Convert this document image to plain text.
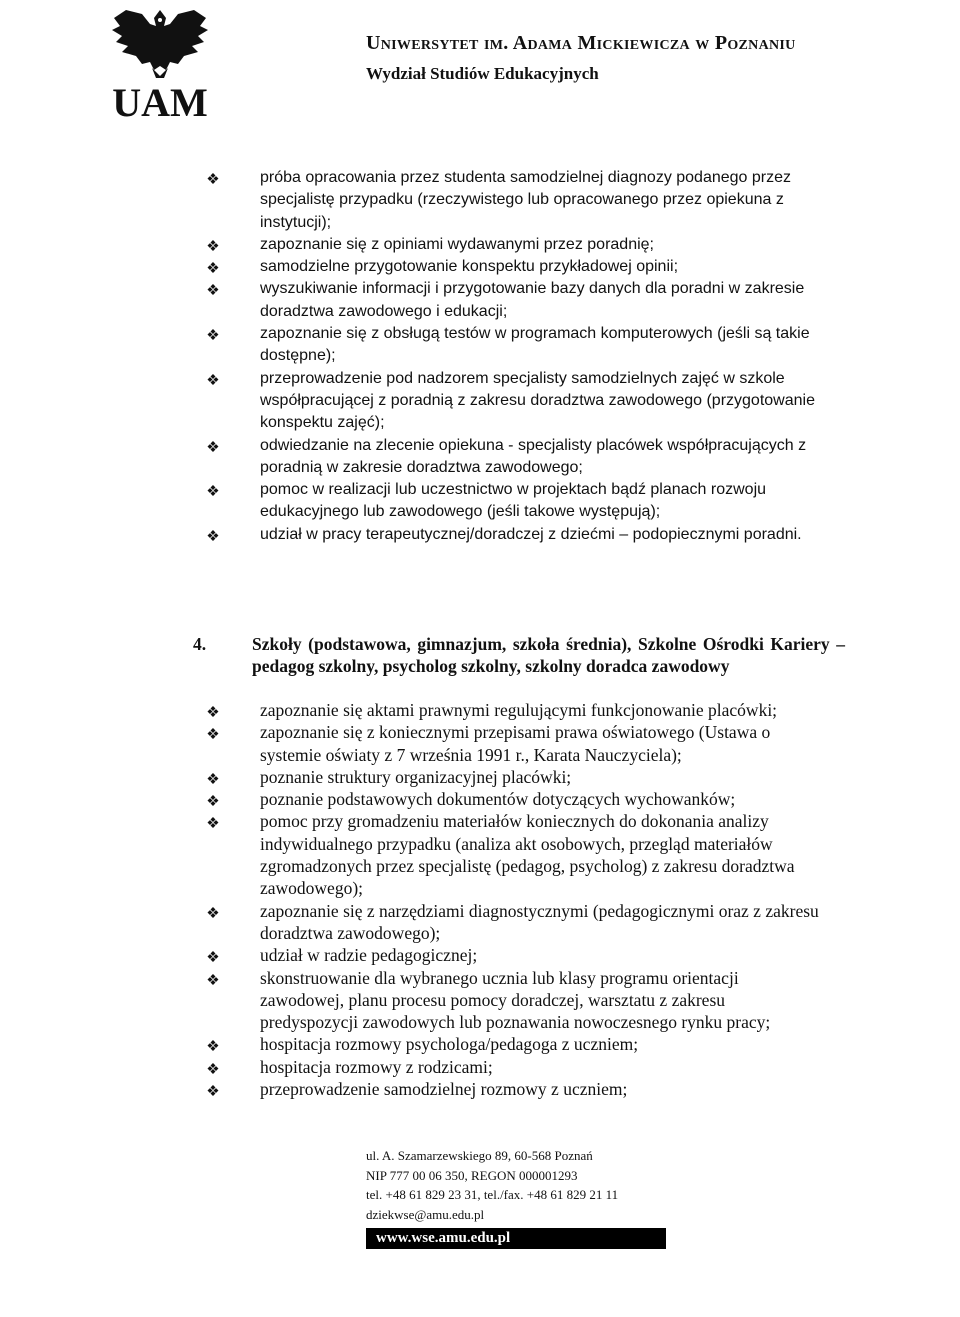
UAM
Uniwersytet im. Adama Mickiewicza w Poznaniu
Wydział Studiów Edukacyjnych
❖	próba opracowania przez studenta samodzielnej diagnozy podanego przez specjalistę przypadku (rzeczywistego lub opracowanego przez opiekuna z instytucji);
❖	zapoznanie się z opiniami wydawanymi przez poradnię;
❖	samodzielne przygotowanie konspektu przykładowej opinii;
❖	wyszukiwanie informacji i przygotowanie bazy danych dla poradni w zakresie doradztwa zawodowego i edukacji;
❖	zapoznanie się z obsługą testów w programach komputerowych (jeśli są takie dostępne);
❖	przeprowadzenie pod nadzorem specjalisty samodzielnych zajęć w szkole współpracującej z poradnią z zakresu doradztwa zawodowego (przygotowanie konspektu zajęć);
❖	odwiedzanie na zlecenie opiekuna - specjalisty placówek współpracujących z poradnią w zakresie doradztwa zawodowego;
❖	pomoc w realizacji lub uczestnictwo w projektach bądź planach rozwoju edukacyjnego lub zawodowego (jeśli takowe występują);
❖	udział w pracy terapeutycznej/doradczej z dziećmi – podopiecznymi poradni.
4.	Szkoły (podstawowa, gimnazjum, szkoła średnia), Szkolne Ośrodki Kariery – pedagog szkolny, psycholog szkolny, szkolny doradca zawodowy
❖ zapoznanie się aktami prawnymi regulującymi funkcjonowanie placówki;
❖ zapoznanie się z koniecznymi przepisami prawa oświatowego (Ustawa o systemie oświaty z 7 września 1991 r., Karata Nauczyciela);
❖ poznanie struktury organizacyjnej placówki;
❖ poznanie podstawowych dokumentów dotyczących wychowanków;
❖ pomoc przy gromadzeniu materiałów koniecznych do dokonania analizy indywidualnego przypadku (analiza akt osobowych, przegląd materiałów zgromadzonych przez specjalistę (pedagog, psycholog) z zakresu doradztwa zawodowego);
❖ zapoznanie się z narzędziami diagnostycznymi (pedagogicznymi oraz z zakresu doradztwa zawodowego);
❖ udział w radzie pedagogicznej;
❖ skonstruowanie dla wybranego ucznia lub klasy programu orientacji zawodowej, planu procesu pomocy doradczej, warsztatu z zakresu predyspozycji zawodowych lub poznawania nowoczesnego rynku pracy;
❖ hospitacja rozmowy psychologa/pedagoga z uczniem;
❖ hospitacja rozmowy z rodzicami;
❖ przeprowadzenie samodzielnej rozmowy z uczniem;
ul. A. Szamarzewskiego 89, 60-568 Poznań
NIP 777 00 06 350, REGON 000001293
tel. +48 61 829 23 31, tel./fax. +48 61 829 21 11
dziekwse@amu.edu.pl
www.wse.amu.edu.pl
